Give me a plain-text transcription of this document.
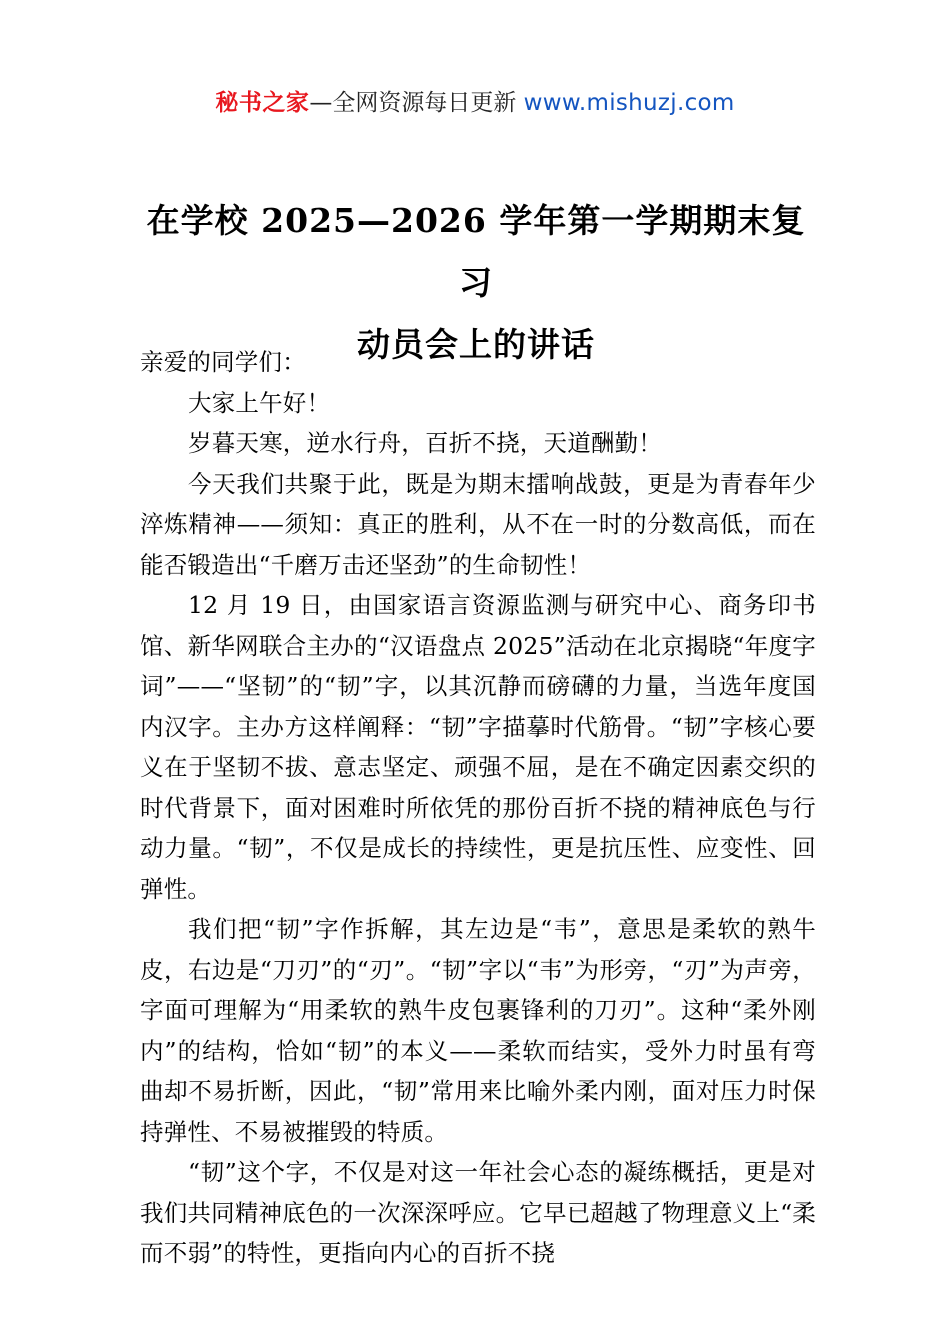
秘书之家—全网资源每日更新 www.mishuzj.com
在学校 2025—2026 学年第一学期期末复习
动员会上的讲话

亲爱的同学们：

大家上午好！

岁暮天寒，逆水行舟，百折不挠，天道酬勤！

今天我们共聚于此，既是为期末擂响战鼓，更是为青春年少淬炼精神——须知：真正的胜利，从不在一时的分数高低，而在能否锻造出“千磨万击还坚劲”的生命韧性！

12 月 19 日，由国家语言资源监测与研究中心、商务印书馆、新华网联合主办的“汉语盘点 2025”活动在北京揭晓“年度字词”——“坚韧”的“韧”字，以其沉静而磅礴的力量，当选年度国内汉字。主办方这样阐释：“韧”字描摹时代筋骨。“韧”字核心要义在于坚韧不拔、意志坚定、顽强不屈，是在不确定因素交织的时代背景下，面对困难时所依凭的那份百折不挠的精神底色与行动力量。“韧”，不仅是成长的持续性，更是抗压性、应变性、回弹性。

我们把“韧”字作拆解，其左边是“韦”，意思是柔软的熟牛皮，右边是“刀刃”的“刃”。“韧”字以“韦”为形旁，“刃”为声旁，字面可理解为“用柔软的熟牛皮包裹锋利的刀刃”。这种“柔外刚内”的结构，恰如“韧”的本义——柔软而结实，受外力时虽有弯曲却不易折断，因此，“韧”常用来比喻外柔内刚，面对压力时保持弹性、不易被摧毁的特质。

“韧”这个字，不仅是对这一年社会心态的凝练概括，更是对我们共同精神底色的一次深深呼应。它早已超越了物理意义上“柔而不弱”的特性，更指向内心的百折不挠
